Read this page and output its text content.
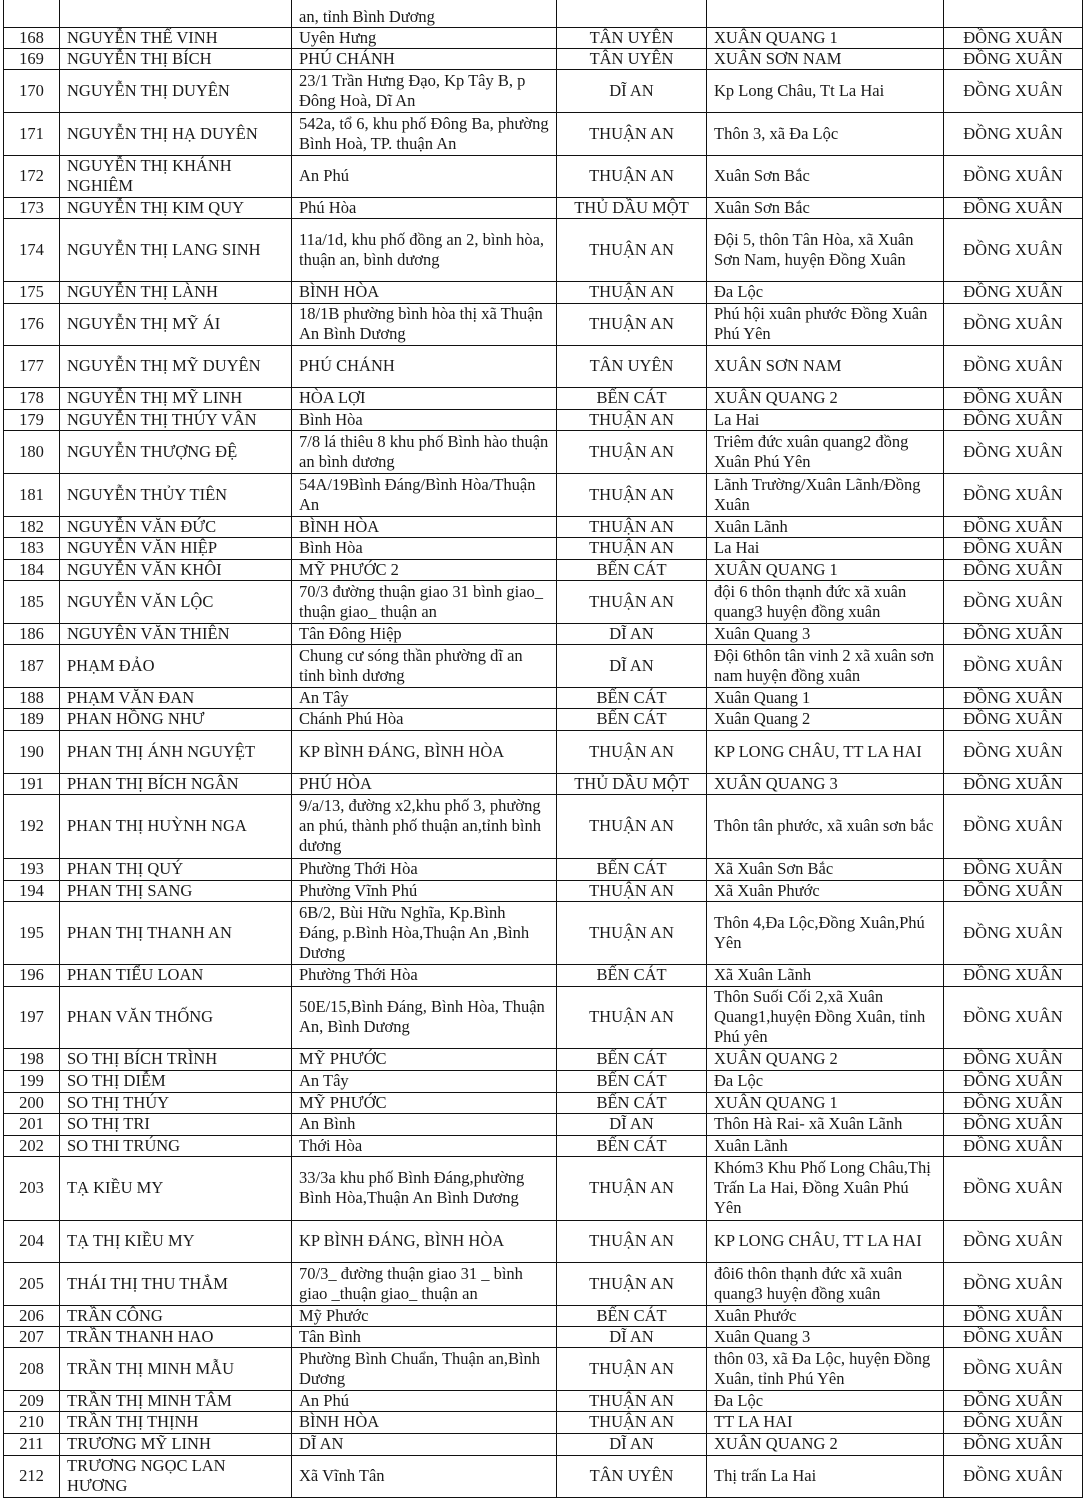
		an, tỉnh Bình Dương			
168	NGUYỄN THẾ VINH	Uyên Hưng	TÂN UYÊN	XUÂN QUANG 1	ĐỒNG XUÂN
169	NGUYỄN THỊ BÍCH	PHÚ CHÁNH	TÂN UYÊN	XUÂN SƠN NAM	ĐỒNG XUÂN
170	NGUYỄN THỊ DUYÊN	23/1 Trần Hưng Đạo, Kp Tây B, p Đông Hoà, Dĩ An	DĨ AN	Kp Long Châu, Tt La Hai	ĐỒNG XUÂN
171	NGUYỄN THỊ HẠ DUYÊN	542a, tổ 6, khu phố Đông Ba, phường Bình Hoà, TP. thuận An	THUẬN AN	Thôn 3, xã Đa Lộc	ĐỒNG XUÂN
172	NGUYỄN THỊ KHÁNH NGHIÊM	An Phú	THUẬN AN	Xuân Sơn Bắc	ĐỒNG XUÂN
173	NGUYỄN THỊ KIM QUY	Phú Hòa	THỦ DẦU MỘT	Xuân Sơn Bắc	ĐỒNG XUÂN
174	NGUYỄN THỊ LANG SINH	11a/1d, khu phố đồng an 2, bình hòa, thuận an, bình dương	THUẬN AN	Đội 5, thôn Tân Hòa, xã Xuân Sơn Nam, huyện Đồng Xuân	ĐỒNG XUÂN
175	NGUYỄN THỊ LÀNH	BÌNH HÒA	THUẬN AN	Đa Lộc	ĐỒNG XUÂN
176	NGUYỄN THỊ MỸ ÁI	18/1B phường bình hòa thị xã Thuận An Bình Dương	THUẬN AN	Phú hội xuân phước Đồng Xuân Phú Yên	ĐỒNG XUÂN
177	NGUYỄN THỊ MỸ DUYÊN	PHÚ CHÁNH	TÂN UYÊN	XUÂN SƠN NAM	ĐỒNG XUÂN
178	NGUYỄN THỊ MỸ LINH	HÒA LỢI	BẾN CÁT	XUÂN QUANG 2	ĐỒNG XUÂN
179	NGUYỄN THỊ THÚY VÂN	Bình Hòa	THUẬN AN	La Hai	ĐỒNG XUÂN
180	NGUYỄN THƯỢNG ĐỆ	7/8 lá thiêu 8 khu phố Bình hào thuận an bình dương	THUẬN AN	Triêm đức xuân quang2 đồng Xuân Phú Yên	ĐỒNG XUÂN
181	NGUYỄN THỦY TIÊN	54A/19Bình Đáng/Bình Hòa/Thuận An	THUẬN AN	Lãnh Trường/Xuân Lãnh/Đồng Xuân	ĐỒNG XUÂN
182	NGUYỄN VĂN ĐỨC	BÌNH HÒA	THUẬN AN	Xuân Lãnh	ĐỒNG XUÂN
183	NGUYỄN VĂN HIỆP	Bình Hòa	THUẬN AN	La Hai	ĐỒNG XUÂN
184	NGUYỄN VĂN KHÔI	MỸ PHƯỚC 2	BẾN CÁT	XUÂN QUANG 1	ĐỒNG XUÂN
185	NGUYỄN VĂN LỘC	70/3 đường thuận giao 31 bình giao_ thuận giao_ thuận an	THUẬN AN	đội 6 thôn thạnh đức xã xuân quang3 huyện đồng xuân	ĐỒNG XUÂN
186	NGUYÊN VĂN THIÊN	Tân Đông Hiệp	DĨ AN	Xuân Quang 3	ĐỒNG XUÂN
187	PHẠM ĐẢO	Chung cư sóng thần phường dĩ an tỉnh bình dương	DĨ AN	Đội 6thôn tân vinh 2 xã xuân sơn nam huyện đồng xuân	ĐỒNG XUÂN
188	PHẠM VĂN ĐAN	An Tây	BẾN CÁT	Xuân Quang 1	ĐỒNG XUÂN
189	PHAN HỒNG NHƯ	Chánh Phú Hòa	BẾN CÁT	Xuân Quang 2	ĐỒNG XUÂN
190	PHAN THỊ ÁNH NGUYỆT	KP BÌNH ĐÁNG, BÌNH HÒA	THUẬN AN	KP LONG CHÂU, TT LA HAI	ĐỒNG XUÂN
191	PHAN THỊ BÍCH NGÂN	PHÚ HÒA	THỦ DẦU MỘT	XUÂN QUANG 3	ĐỒNG XUÂN
192	PHAN THỊ HUỲNH NGA	9/a/13, đường x2,khu phố 3, phường an phú, thành phố thuận an,tỉnh bình dương	THUẬN AN	Thôn tân phước, xã xuân sơn bắc	ĐỒNG XUÂN
193	PHAN THỊ QUÝ	Phường Thới Hòa	BẾN CÁT	Xã Xuân Sơn Bắc	ĐỒNG XUÂN
194	PHAN THỊ SANG	Phường Vĩnh Phú	THUẬN AN	Xã Xuân Phước	ĐỒNG XUÂN
195	PHAN THỊ THANH AN	6B/2, Bùi Hữu Nghĩa, Kp.Bình Đáng, p.Bình Hòa,Thuận An ,Bình Dương	THUẬN AN	Thôn 4,Đa Lộc,Đồng Xuân,Phú Yên	ĐỒNG XUÂN
196	PHAN TIỂU LOAN	Phường Thới Hòa	BẾN CÁT	Xã Xuân Lãnh	ĐỒNG XUÂN
197	PHAN VĂN THỐNG	50E/15,Bình Đáng, Bình Hòa, Thuận An, Bình Dương	THUẬN AN	Thôn Suối Cối 2,xã Xuân Quang1,huyện Đồng Xuân, tỉnh Phú yên	ĐỒNG XUÂN
198	SO THỊ BÍCH TRÌNH	MỸ PHƯỚC	BẾN CÁT	XUÂN QUANG 2	ĐỒNG XUÂN
199	SO THỊ DIỄM	An Tây	BẾN CÁT	Đa Lộc	ĐỒNG XUÂN
200	SO THỊ THÚY	MỸ PHƯỚC	BẾN CÁT	XUÂN QUANG 1	ĐỒNG XUÂN
201	SO THỊ TRI	An Bình	DĨ AN	Thôn Hà Rai- xã Xuân Lãnh	ĐỒNG XUÂN
202	SO THI TRÚNG	Thới Hòa	BẾN CÁT	Xuân Lãnh	ĐỒNG XUÂN
203	TẠ KIỀU MY	33/3a khu phố Bình Đáng,phường Bình Hòa,Thuận An Bình Dương	THUẬN AN	Khóm3 Khu Phố Long Châu,Thị Trấn La Hai, Đồng Xuân Phú Yên	ĐỒNG XUÂN
204	TẠ THỊ KIỀU MY	KP BÌNH ĐÁNG, BÌNH HÒA	THUẬN AN	KP LONG CHÂU, TT LA HAI	ĐỒNG XUÂN
205	THÁI THỊ THU THẮM	70/3_ đường thuận giao 31 _ bình giao _thuận giao_ thuận an	THUẬN AN	đôi6 thôn thạnh đức xã xuân quang3 huyện đồng xuân	ĐỒNG XUÂN
206	TRẦN CÔNG	Mỹ Phước	BẾN CÁT	Xuân Phước	ĐỒNG XUÂN
207	TRẦN THANH HAO	Tân Bình	DĨ AN	Xuân Quang 3	ĐỒNG XUÂN
208	TRẦN THỊ MINH MẪU	Phường Bình Chuẩn, Thuận an,Bình Dương	THUẬN AN	thôn 03, xã Đa Lộc, huyện Đồng Xuân, tỉnh Phú Yên	ĐỒNG XUÂN
209	TRẦN THỊ MINH TÂM	An Phú	THUẬN AN	Đa Lộc	ĐỒNG XUÂN
210	TRẦN THỊ THỊNH	BÌNH HÒA	THUẬN AN	TT LA HAI	ĐỒNG XUÂN
211	TRƯƠNG MỸ LINH	DĨ AN	DĨ AN	XUÂN QUANG 2	ĐỒNG XUÂN
212	TRƯƠNG NGỌC LAN HƯƠNG	Xã Vĩnh Tân	TÂN UYÊN	Thị trấn La Hai	ĐỒNG XUÂN
